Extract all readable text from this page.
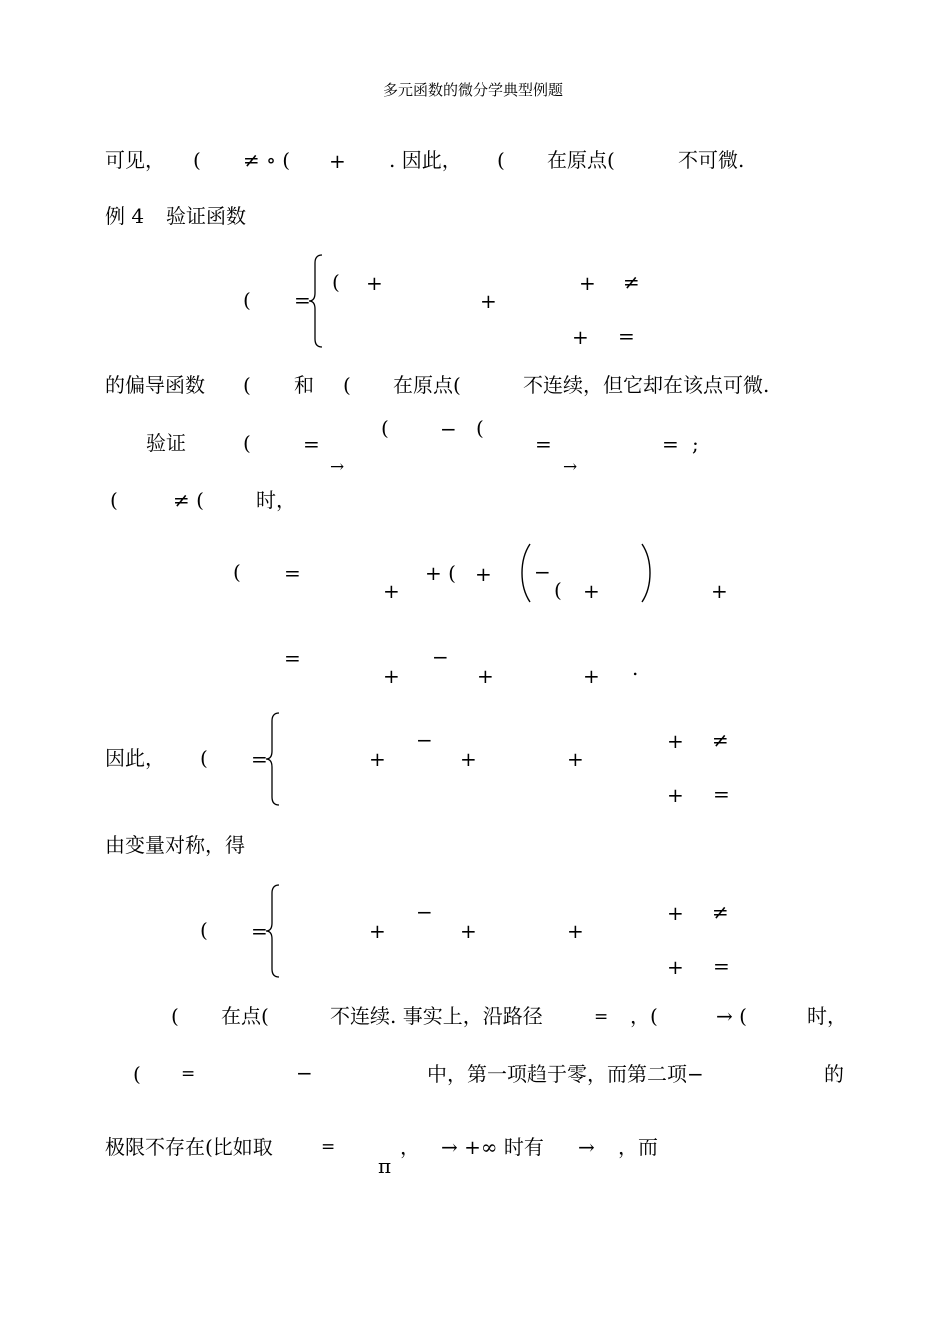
多元函数的微分学典型例题
可见， ( ≠ ∘ ( + . 因此， ( 在原点(	不可微.
例 4 验证函数
( =
( +	+ ≠
+
+ =
的偏导函数 ( 和 ( 在原点(	不连续，但它却在该点可微.
验证	(	=
→
(	− (
=
→
= ;
(	≠ (	时，
( =
+
+ ( + −
( +	+
=
+
−
+	+ .
因此， ( =	+
−
+	+
+ ≠
+ =
由变量对称，得
( =	+
−
+	+
+ ≠
+ =
( 在点(	不连续. 事实上，沿路径	= ，(	→ (	时，
( =	−	中，第一项趋于零，而第二项−	的
极限不存在(比如取	=
π
， → +∞ 时有 → ，而
